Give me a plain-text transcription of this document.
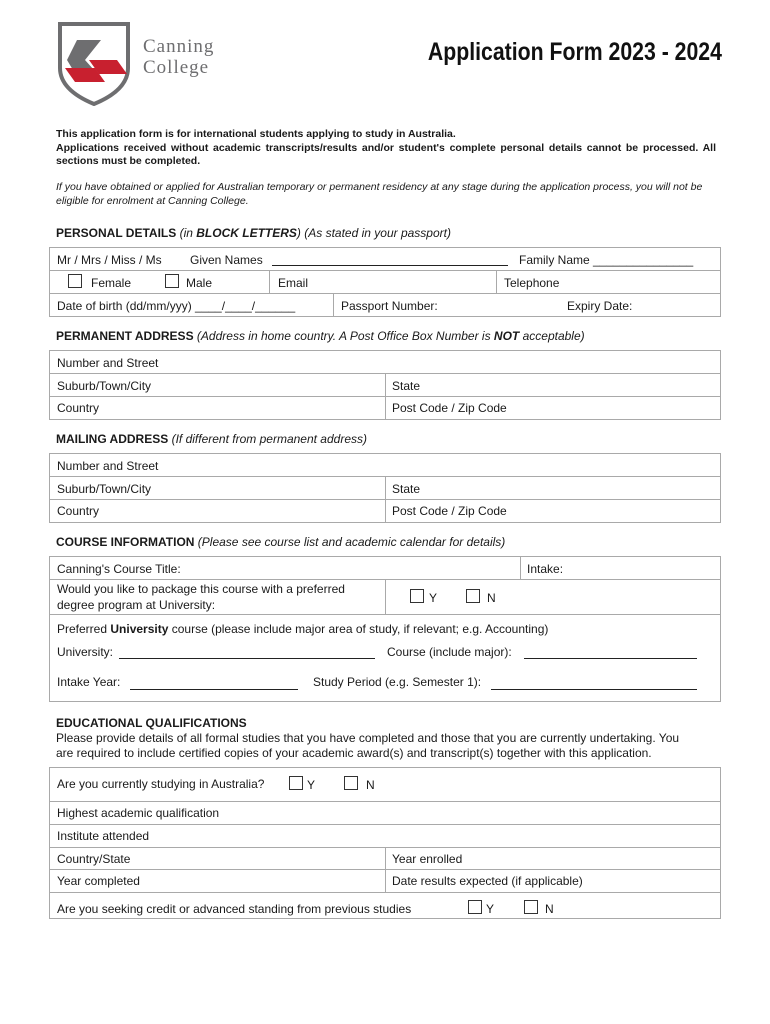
Canning
College
Application Form 2023 - 2024
This application form is for international students applying to study in Australia.

Applications received without academic transcripts/results and/or student's complete personal details cannot be processed. All sections must be completed.
If you have obtained or applied for Australian temporary or permanent residency at any stage during the application process, you will not be eligible for enrolment at Canning College.
PERSONAL DETAILS (in BLOCK LETTERS) (As stated in your passport)
Mr / Mrs / Miss / Ms Given Names	Family Name _______________
Female	Male	Email	Telephone
Date of birth (dd/mm/yyy) ____/____/______	Passport Number:	Expiry Date:
PERMANENT ADDRESS (Address in home country. A Post Office Box Number is NOT acceptable)
Number and Street
Suburb/Town/City	State
Country	Post Code / Zip Code
MAILING ADDRESS (If different from permanent address)
Number and Street
Suburb/Town/City	State
Country	Post Code / Zip Code
COURSE INFORMATION (Please see course list and academic calendar for details)
Canning's Course Title:	Intake:
Would you like to package this course with a preferred
degree program at University:	Y	N
Preferred University course (please include major area of study, if relevant; e.g. Accounting)
University:	Course (include major):
Intake Year:	Study Period (e.g. Semester 1):
EDUCATIONAL QUALIFICATIONS
Please provide details of all formal studies that you have completed and those that you are currently undertaking. You
are required to include certified copies of your academic award(s) and transcript(s) together with this application.
Are you currently studying in Australia?	Y	N
Highest academic qualification
Institute attended
Country/State	Year enrolled
Year completed	Date results expected (if applicable)
Are you seeking credit or advanced standing from previous studies	Y	N
